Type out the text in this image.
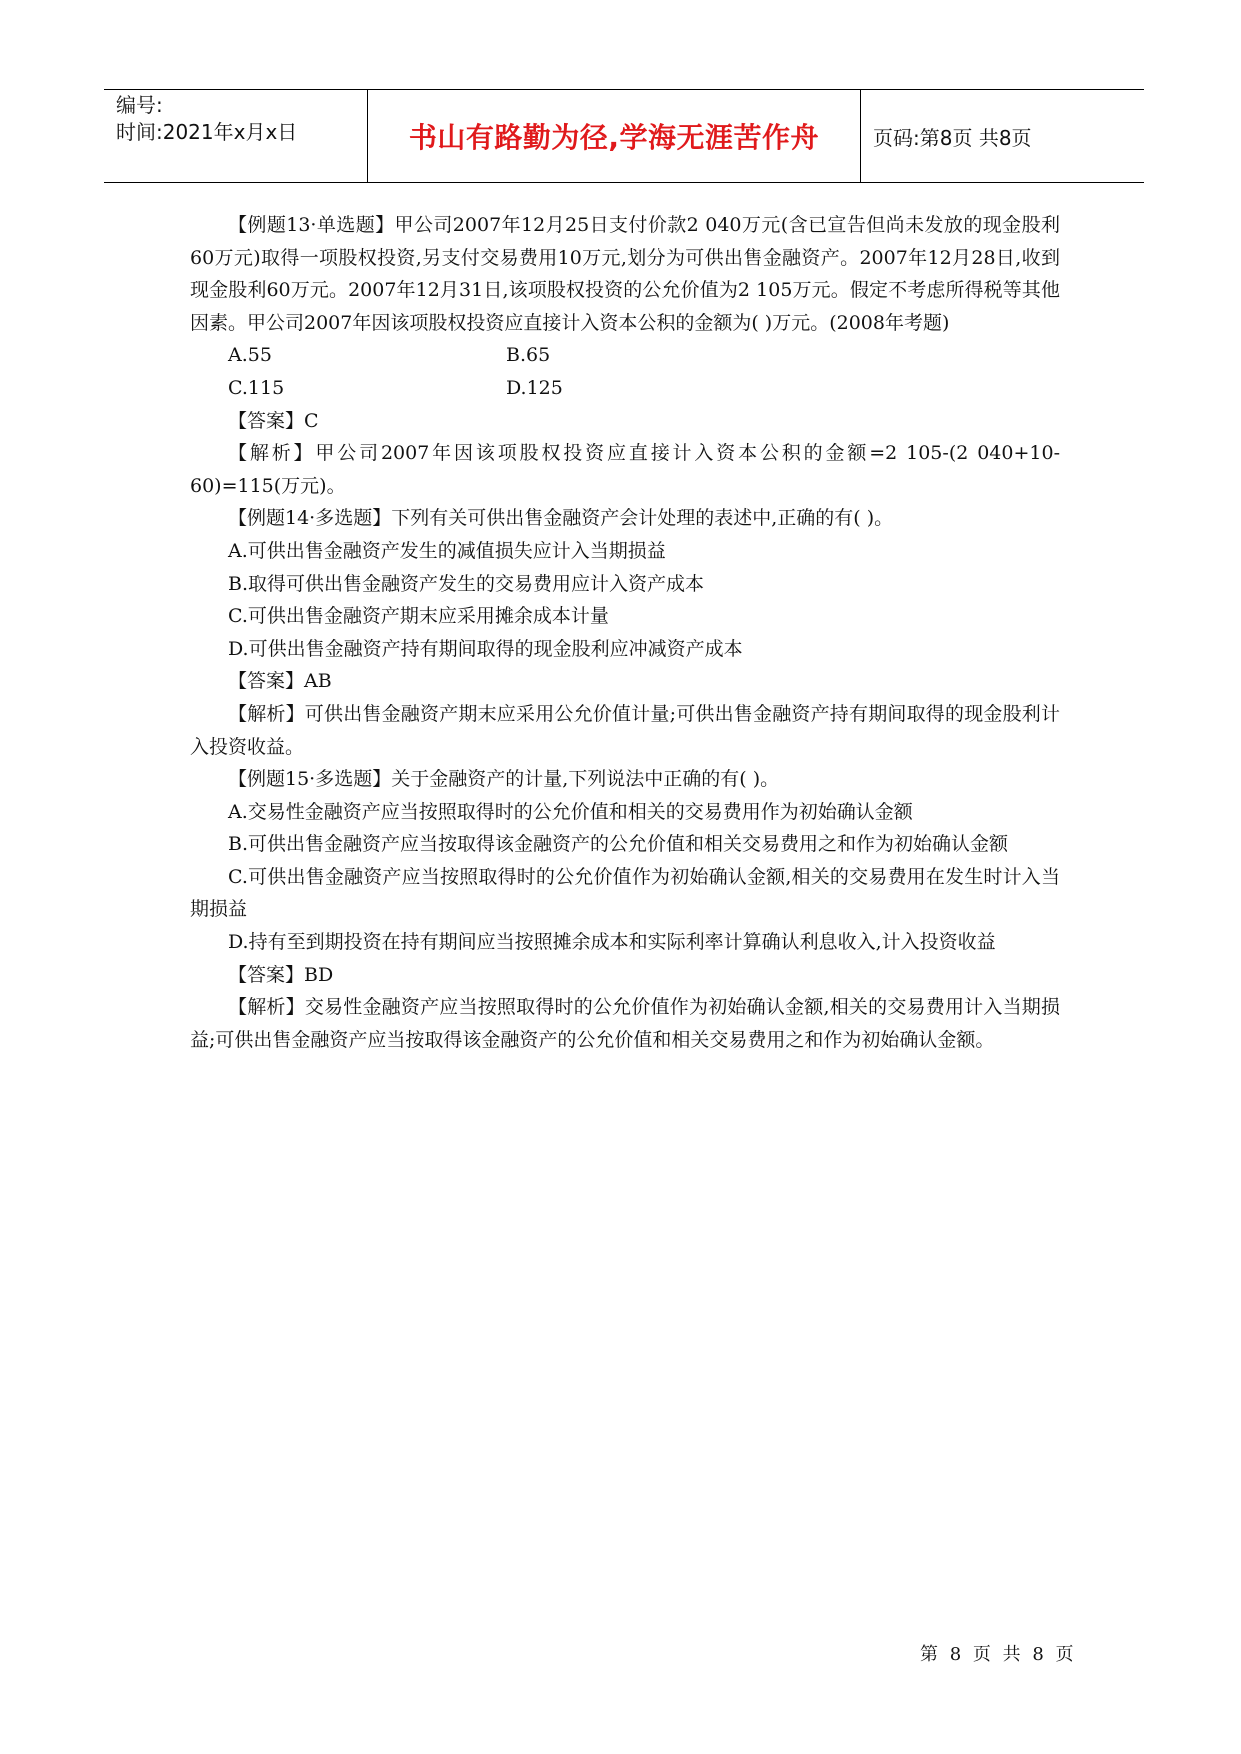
编号:
时间:2021年x月x日	书山有路勤为径,学海无涯苦作舟	页码:第8页 共8页

【例题13·单选题】甲公司2007年12月25日支付价款2 040万元(含已宣告但尚未发放的现金股利60万元)取得一项股权投资,另支付交易费用10万元,划分为可供出售金融资产。2007年12月28日,收到现金股利60万元。2007年12月31日,该项股权投资的公允价值为2 105万元。假定不考虑所得税等其他因素。甲公司2007年因该项股权投资应直接计入资本公积的金额为( )万元。(2008年考题)

A.55	B.65
C.115	D.125

【答案】C

【解析】甲公司2007年因该项股权投资应直接计入资本公积的金额=2 105-(2 040+10-60)=115(万元)。

【例题14·多选题】下列有关可供出售金融资产会计处理的表述中,正确的有( )。

A.可供出售金融资产发生的减值损失应计入当期损益

B.取得可供出售金融资产发生的交易费用应计入资产成本

C.可供出售金融资产期末应采用摊余成本计量

D.可供出售金融资产持有期间取得的现金股利应冲减资产成本

【答案】AB

【解析】可供出售金融资产期末应采用公允价值计量;可供出售金融资产持有期间取得的现金股利计入投资收益。

【例题15·多选题】关于金融资产的计量,下列说法中正确的有( )。

A.交易性金融资产应当按照取得时的公允价值和相关的交易费用作为初始确认金额

B.可供出售金融资产应当按取得该金融资产的公允价值和相关交易费用之和作为初始确认金额

C.可供出售金融资产应当按照取得时的公允价值作为初始确认金额,相关的交易费用在发生时计入当期损益

D.持有至到期投资在持有期间应当按照摊余成本和实际利率计算确认利息收入,计入投资收益

【答案】BD

【解析】交易性金融资产应当按照取得时的公允价值作为初始确认金额,相关的交易费用计入当期损益;可供出售金融资产应当按取得该金融资产的公允价值和相关交易费用之和作为初始确认金额。

第 8 页 共 8 页
